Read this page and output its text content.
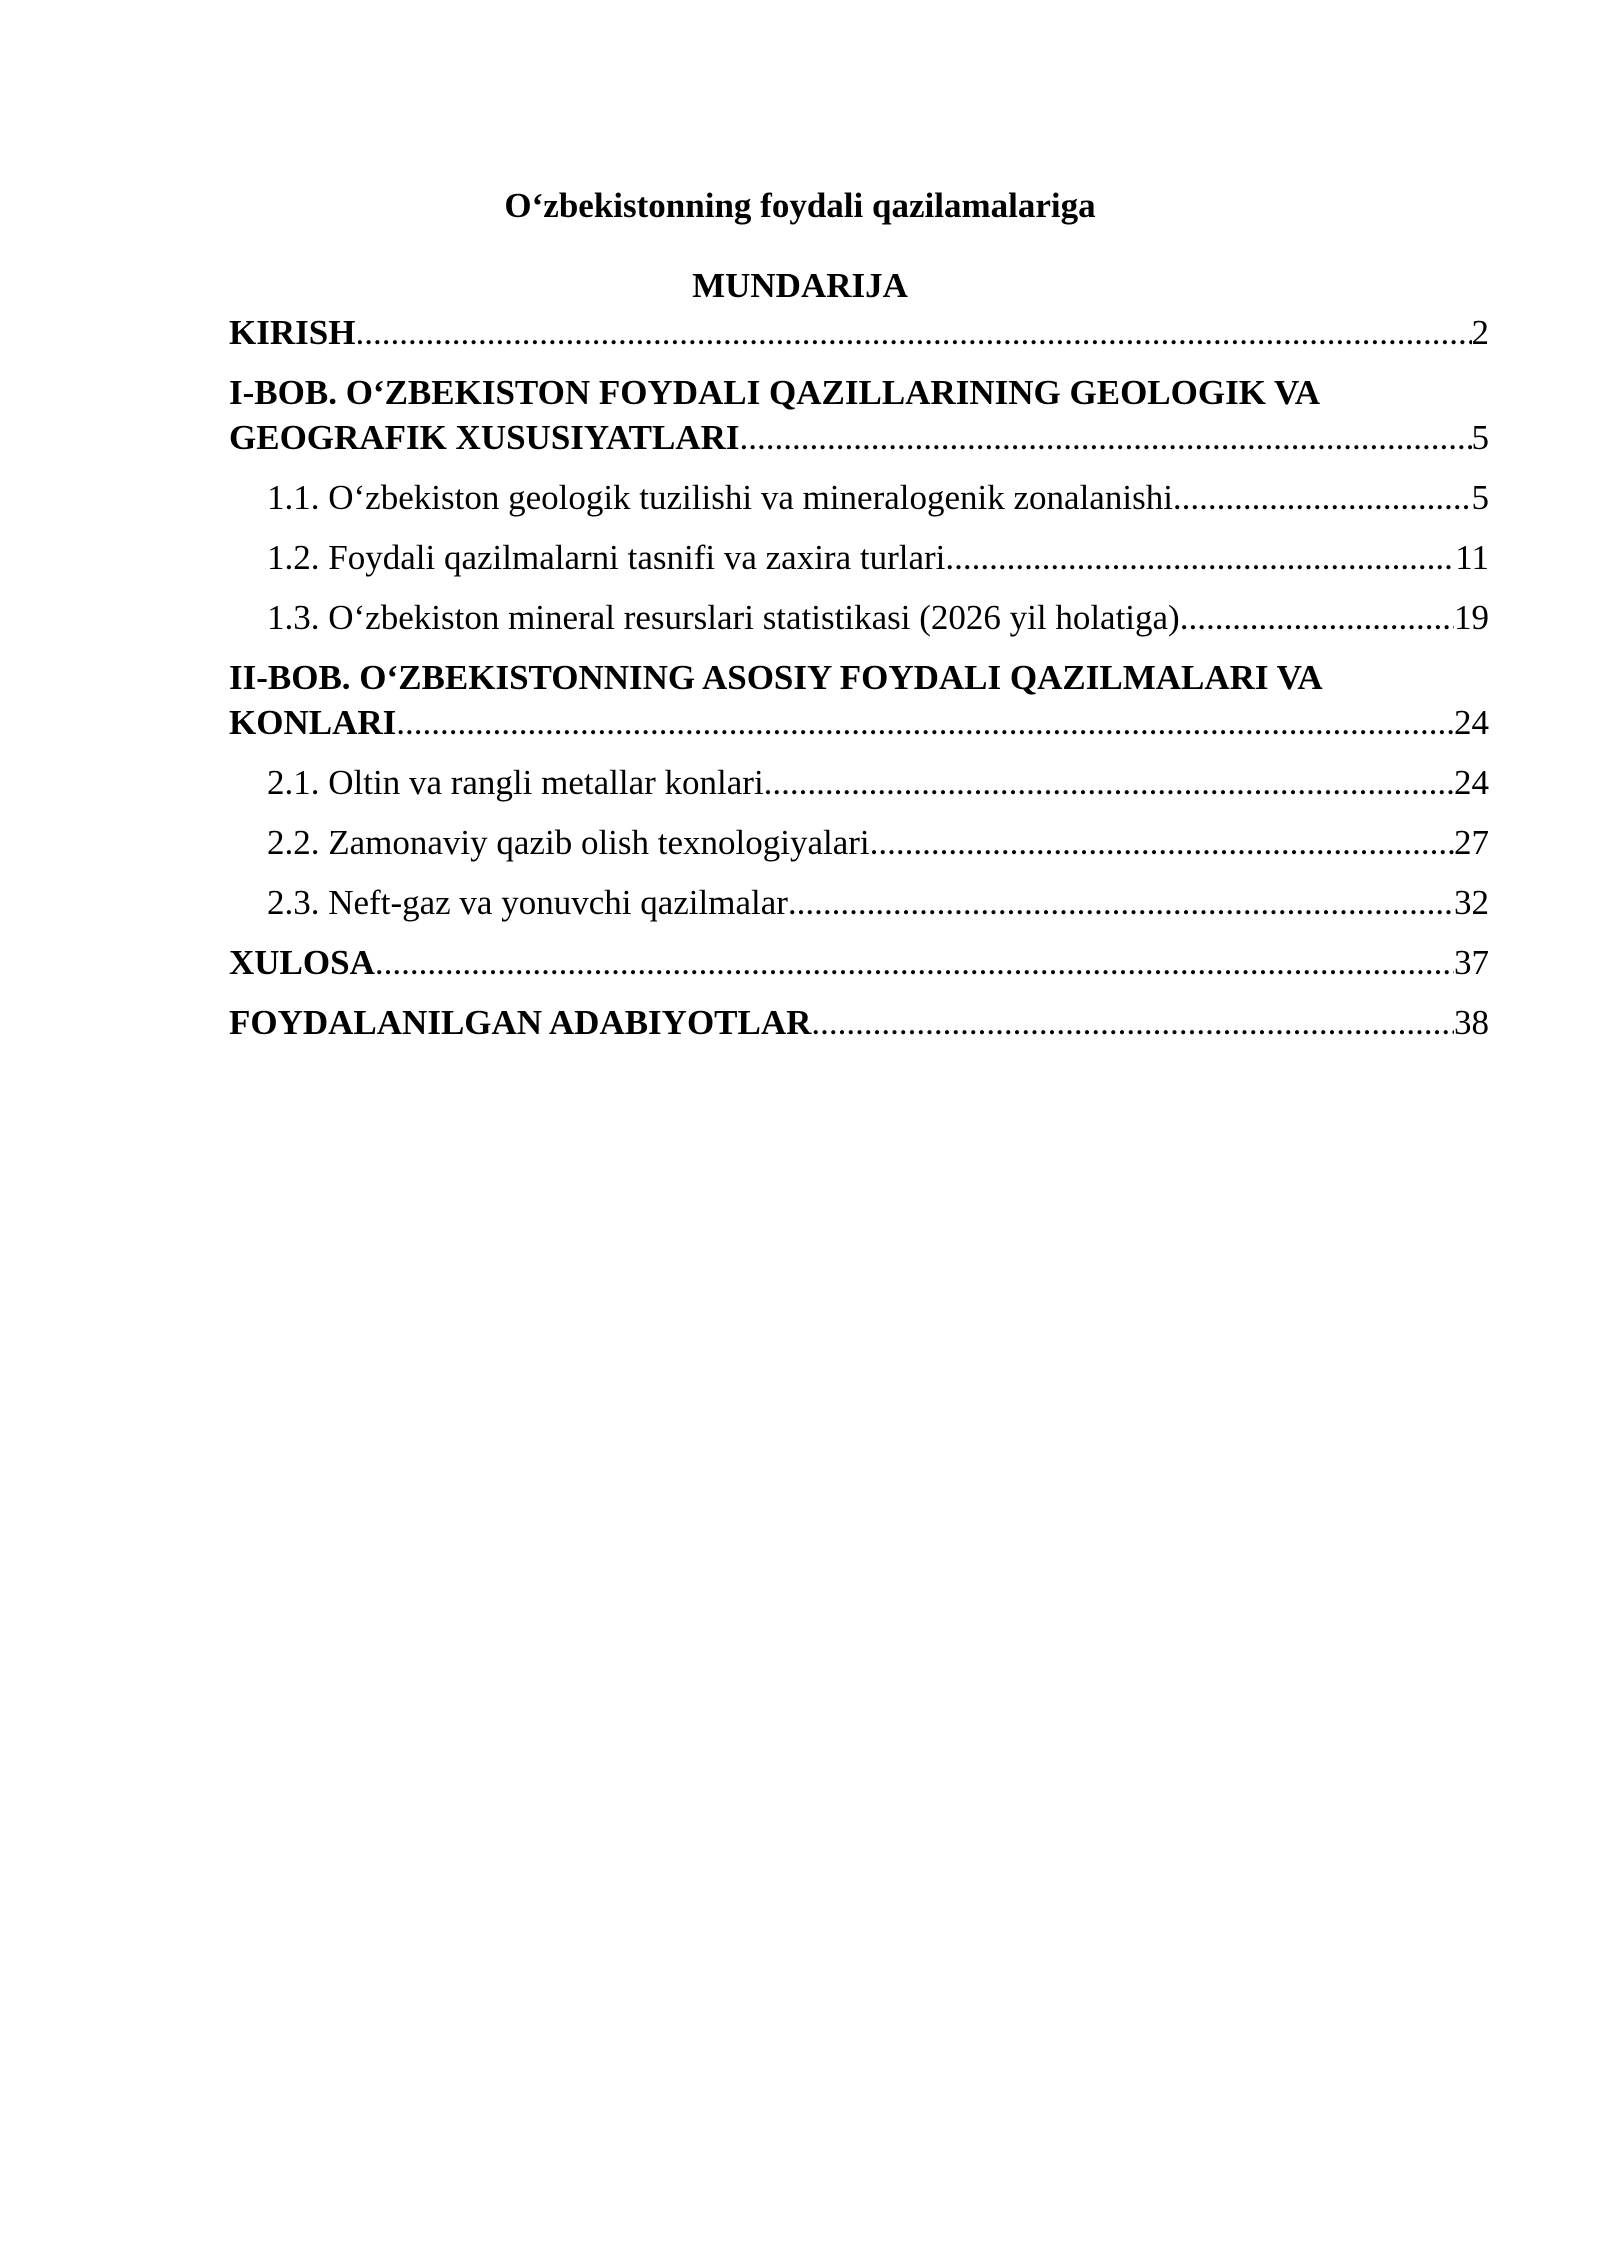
O‘zbekistonning foydali qazilamalariga
MUNDARIJA
KIRISH .....	2
I-BOB. O‘ZBEKISTON FOYDALI QAZILLARINING GEOLOGIK VA
GEOGRAFIK XUSUSIYATLARI .....	5
1.1. O‘zbekiston geologik tuzilishi va mineralogenik zonalanishi .....	5
1.2. Foydali qazilmalarni tasnifi va zaxira turlari .....	11
1.3. O‘zbekiston mineral resurslari statistikasi (2026 yil holatiga) .....	19
II-BOB. O‘ZBEKISTONNING ASOSIY FOYDALI QAZILMALARI VA
KONLARI .....	24
2.1. Oltin va rangli metallar konlari .....	24
2.2. Zamonaviy qazib olish texnologiyalari .....	27
2.3. Neft-gaz va yonuvchi qazilmalar .....	32
XULOSA .....	37
FOYDALANILGAN ADABIYOTLAR .....	38
